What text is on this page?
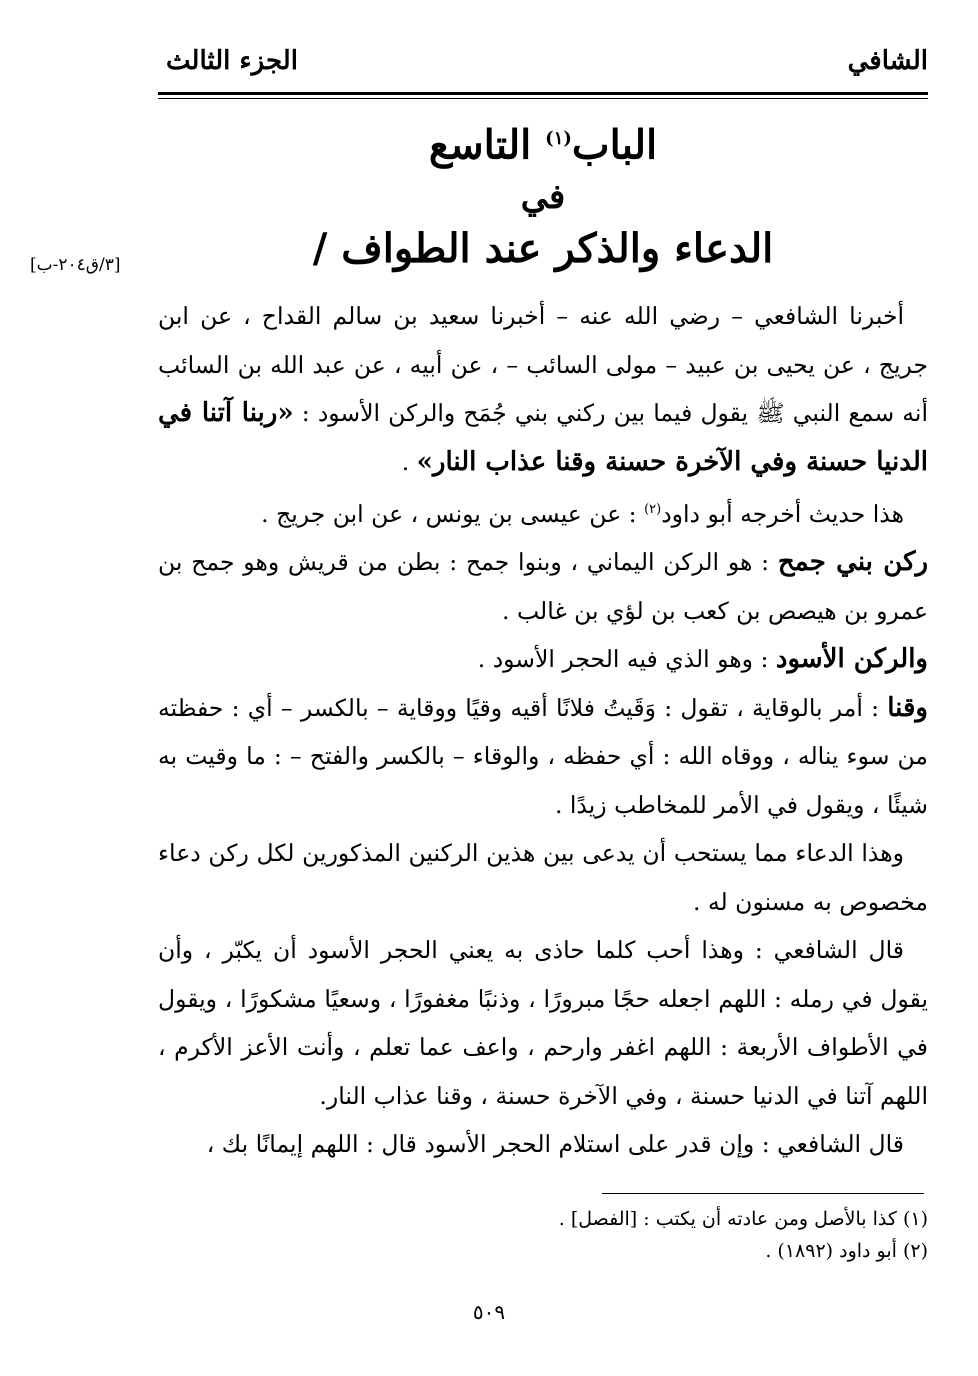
الشافي
الجزء الثالث
[٣/ق٢٠٤-ب]
الباب$^{(١)}$ التاسع
في
الدعاء والذكر عند الطواف /

أخبرنا الشافعي – رضي الله عنه – أخبرنا سعيد بن سالم القداح ، عن ابن جريج ، عن يحيى بن عبيد – مولى السائب – ، عن أبيه ، عن عبد الله بن السائب أنه سمع النبي ﷺ يقول فيما بين ركني بني جُمَح والركن الأسود : «ربنا آتنا في الدنيا حسنة وفي الآخرة حسنة وقنا عذاب النار» .

هذا حديث أخرجه أبو داود$^{(٢)}$ : عن عيسى بن يونس ، عن ابن جريج .

ركن بني جمح : هو الركن اليماني ، وبنوا جمح : بطن من قريش وهو جمح بن عمرو بن هيصص بن كعب بن لؤي بن غالب .

والركن الأسود : وهو الذي فيه الحجر الأسود .

وقنا : أمر بالوقاية ، تقول : وَقَيتُ فلانًا أقيه وقيًا ووقاية – بالكسر – أي : حفظته من سوء يناله ، ووقاه الله : أي حفظه ، والوقاء – بالكسر والفتح – : ما وقيت به شيئًا ، ويقول في الأمر للمخاطب زيدًا .

وهذا الدعاء مما يستحب أن يدعى بين هذين الركنين المذكورين لكل ركن دعاء مخصوص به مسنون له .

قال الشافعي : وهذا أحب كلما حاذى به يعني الحجر الأسود أن يكبّر ، وأن يقول في رمله : اللهم اجعله حجًا مبرورًا ، وذنبًا مغفورًا ، وسعيًا مشكورًا ، ويقول في الأطواف الأربعة : اللهم اغفر وارحم ، واعف عما تعلم ، وأنت الأعز الأكرم ، اللهم آتنا في الدنيا حسنة ، وفي الآخرة حسنة ، وقنا عذاب النار.

قال الشافعي : وإن قدر على استلام الحجر الأسود قال : اللهم إيمانًا بك ،

(١) كذا بالأصل ومن عادته أن يكتب : [الفصل] .
(٢) أبو داود (١٨٩٢) .
٥٠٩
